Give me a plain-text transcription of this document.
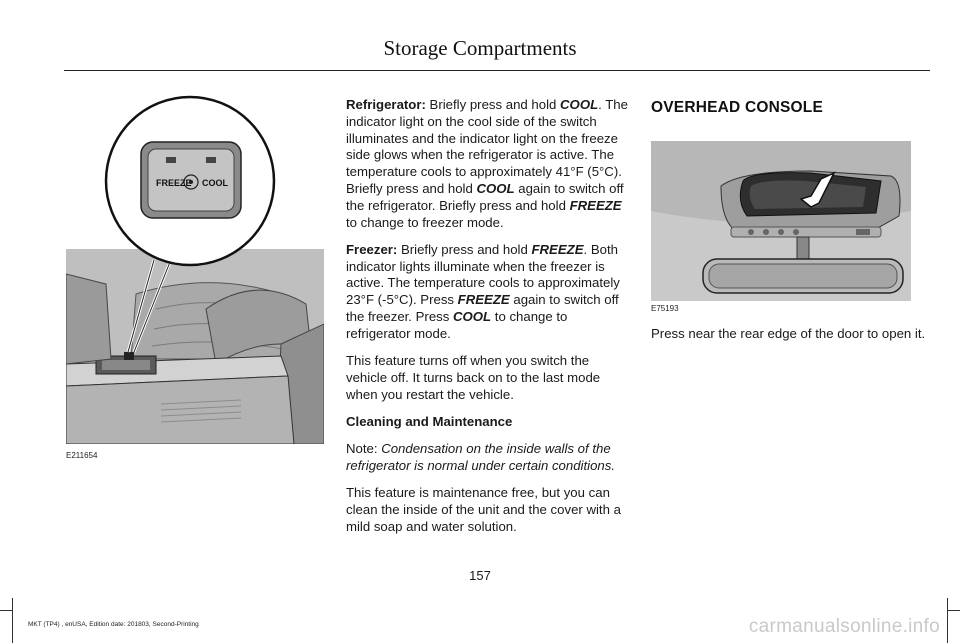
Storage Compartments
FREEZE COOL
E211654

Refrigerator: Briefly press and hold COOL. The indicator light on the cool side of the switch illuminates and the indicator light on the freeze side glows when the refrigerator is active. The temperature cools to approximately 41°F (5°C). Briefly press and hold COOL again to switch off the refrigerator. Briefly press and hold FREEZE to change to freezer mode.

Freezer: Briefly press and hold FREEZE. Both indicator lights illuminate when the freezer is active. The temperature cools to approximately 23°F (-5°C). Press FREEZE again to switch off the freezer. Press COOL to change to refrigerator mode.

This feature turns off when you switch the vehicle off. It turns back on to the last mode when you restart the vehicle.

Cleaning and Maintenance

Note: Condensation on the inside walls of the refrigerator is normal under certain conditions.

This feature is maintenance free, but you can clean the inside of the unit and the cover with a mild soap and water solution.

OVERHEAD CONSOLE
E75193

Press near the rear edge of the door to open it.

157
MKT (TP4) , enUSA, Edition date: 201803, Second-Printing	carmanualsonline.info
